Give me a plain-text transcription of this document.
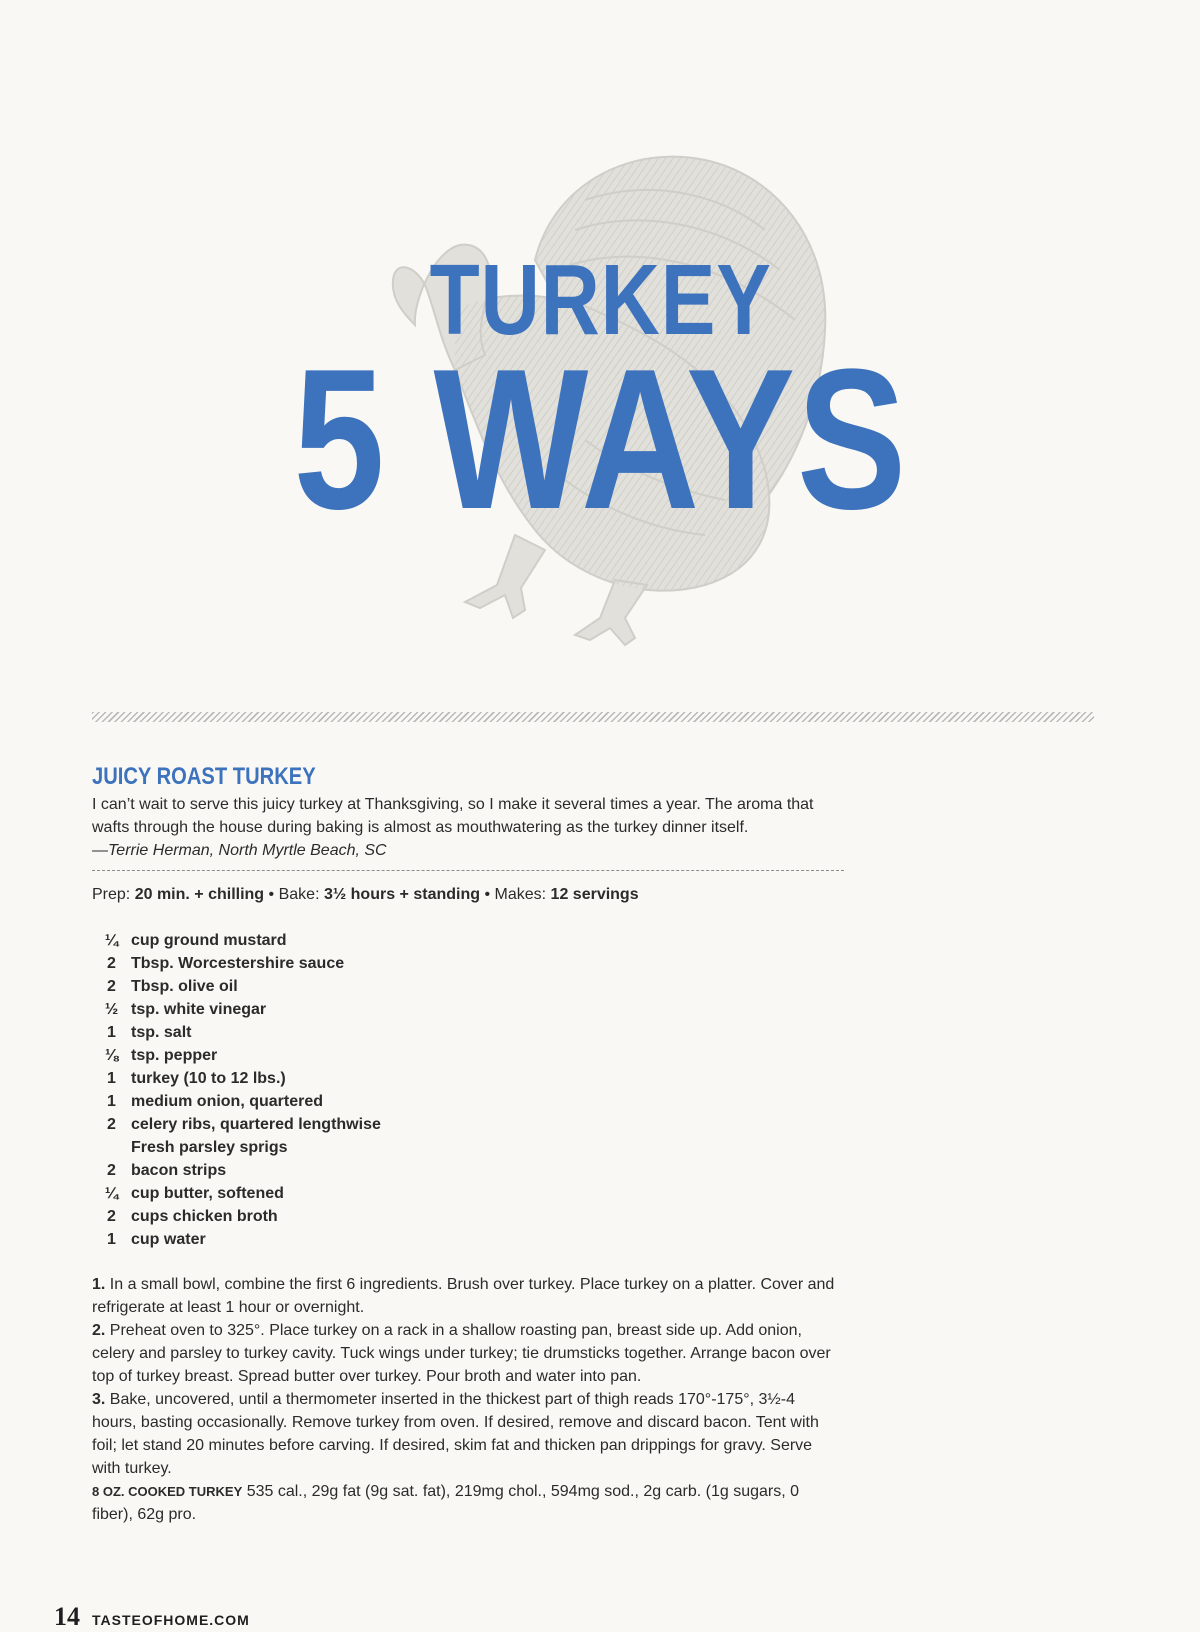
TURKEY
5 WAYS
JUICY ROAST TURKEY

I can’t wait to serve this juicy turkey at Thanksgiving, so I make it several times a year. The aroma that wafts through the house during baking is almost as mouthwatering as the turkey dinner itself.

—Terrie Herman, North Myrtle Beach, SC

Prep: 20 min. + chilling • Bake: 3½ hours + standing • Makes: 12 servings
¼ cup ground mustard
2 Tbsp. Worcestershire sauce
2 Tbsp. olive oil
½ tsp. white vinegar
1 tsp. salt
⅛ tsp. pepper
1 turkey (10 to 12 lbs.)
1 medium onion, quartered
2 celery ribs, quartered lengthwise
Fresh parsley sprigs
2 bacon strips
¼ cup butter, softened
2 cups chicken broth
1 cup water

1. In a small bowl, combine the first 6 ingredients. Brush over turkey. Place turkey on a platter. Cover and refrigerate at least 1 hour or overnight.

2. Preheat oven to 325°. Place turkey on a rack in a shallow roasting pan, breast side up. Add onion, celery and parsley to turkey cavity. Tuck wings under turkey; tie drumsticks together. Arrange bacon over top of turkey breast. Spread butter over turkey. Pour broth and water into pan.

3. Bake, uncovered, until a thermometer inserted in the thickest part of thigh reads 170°-175°, 3½-4 hours, basting occasionally. Remove turkey from oven. If desired, remove and discard bacon. Tent with foil; let stand 20 minutes before carving. If desired, skim fat and thicken pan drippings for gravy. Serve with turkey.

8 OZ. COOKED TURKEY 535 cal., 29g fat (9g sat. fat), 219mg chol., 594mg sod., 2g carb. (1g sugars, 0 fiber), 62g pro.

14 TASTEOFHOME.COM
